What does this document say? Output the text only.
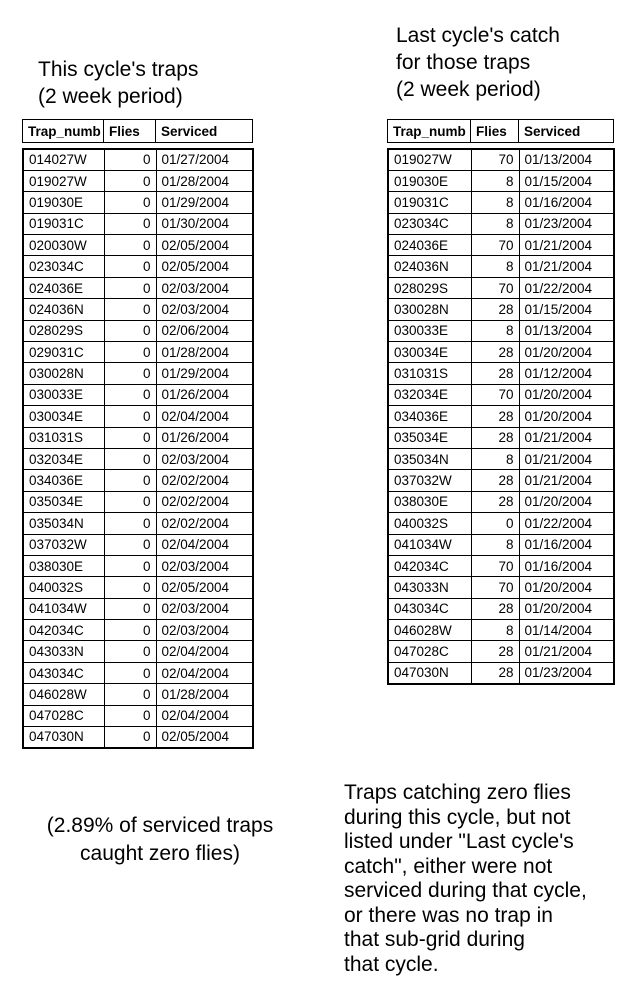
This cycle's traps
(2 week period)
Last cycle's catch
for those traps
(2 week period)
Trap_numb	Flies	Serviced
014027W	0	01/27/2004
019027W	0	01/28/2004
019030E	0	01/29/2004
019031C	0	01/30/2004
020030W	0	02/05/2004
023034C	0	02/05/2004
024036E	0	02/03/2004
024036N	0	02/03/2004
028029S	0	02/06/2004
029031C	0	01/28/2004
030028N	0	01/29/2004
030033E	0	01/26/2004
030034E	0	02/04/2004
031031S	0	01/26/2004
032034E	0	02/03/2004
034036E	0	02/02/2004
035034E	0	02/02/2004
035034N	0	02/02/2004
037032W	0	02/04/2004
038030E	0	02/03/2004
040032S	0	02/05/2004
041034W	0	02/03/2004
042034C	0	02/03/2004
043033N	0	02/04/2004
043034C	0	02/04/2004
046028W	0	01/28/2004
047028C	0	02/04/2004
047030N	0	02/05/2004
Trap_numb	Flies	Serviced
019027W	70	01/13/2004
019030E	8	01/15/2004
019031C	8	01/16/2004
023034C	8	01/23/2004
024036E	70	01/21/2004
024036N	8	01/21/2004
028029S	70	01/22/2004
030028N	28	01/15/2004
030033E	8	01/13/2004
030034E	28	01/20/2004
031031S	28	01/12/2004
032034E	70	01/20/2004
034036E	28	01/20/2004
035034E	28	01/21/2004
035034N	8	01/21/2004
037032W	28	01/21/2004
038030E	28	01/20/2004
040032S	0	01/22/2004
041034W	8	01/16/2004
042034C	70	01/16/2004
043033N	70	01/20/2004
043034C	28	01/20/2004
046028W	8	01/14/2004
047028C	28	01/21/2004
047030N	28	01/23/2004
(2.89% of serviced traps
caught zero flies)
Traps catching zero flies
during this cycle, but not
listed under "Last cycle's
catch", either were not
serviced during that cycle,
or there was no trap in
that sub-grid during
that cycle.
